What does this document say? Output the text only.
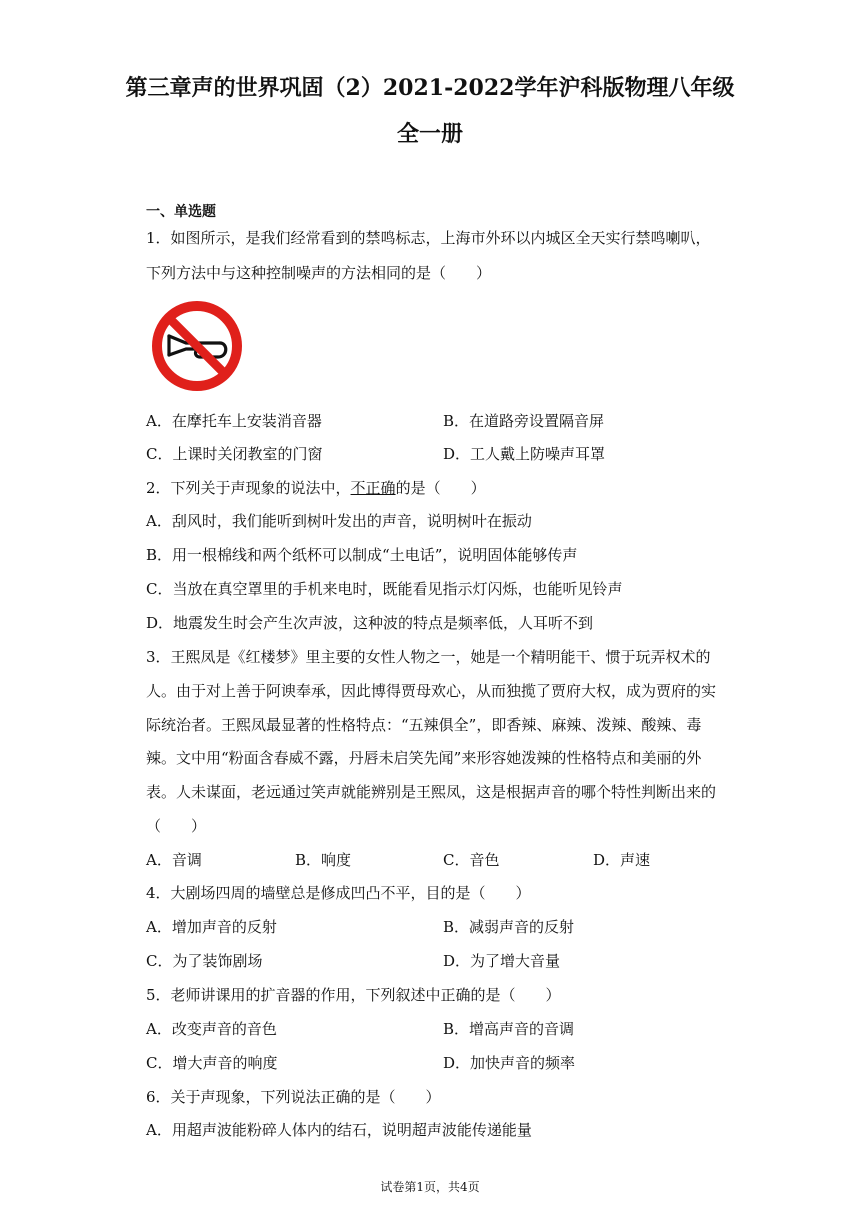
第三章声的世界巩固（2）2021-2022学年沪科版物理八年级
全一册
一、单选题
1．如图所示，是我们经常看到的禁鸣标志，上海市外环以内城区全天实行禁鸣喇叭，
下列方法中与这种控制噪声的方法相同的是（　　）
A．在摩托车上安装消音器	B．在道路旁设置隔音屏
C．上课时关闭教室的门窗	D．工人戴上防噪声耳罩
2．下列关于声现象的说法中，不正确的是（　　）
A．刮风时，我们能听到树叶发出的声音，说明树叶在振动
B．用一根棉线和两个纸杯可以制成“土电话”，说明固体能够传声
C．当放在真空罩里的手机来电时，既能看见指示灯闪烁，也能听见铃声
D．地震发生时会产生次声波，这种波的特点是频率低，人耳听不到
3．王熙凤是《红楼梦》里主要的女性人物之一，她是一个精明能干、惯于玩弄权术的
人。由于对上善于阿谀奉承，因此博得贾母欢心，从而独揽了贾府大权，成为贾府的实
际统治者。王熙凤最显著的性格特点：“五辣俱全”，即香辣、麻辣、泼辣、酸辣、毒
辣。文中用“粉面含春威不露，丹唇未启笑先闻”来形容她泼辣的性格特点和美丽的外
表。人未谋面，老远通过笑声就能辨别是王熙凤，这是根据声音的哪个特性判断出来的
（　　）
A．音调	B．响度	C．音色	D．声速
4．大剧场四周的墙壁总是修成凹凸不平，目的是（　　）
A．增加声音的反射	B．减弱声音的反射
C．为了装饰剧场	D．为了增大音量
5．老师讲课用的扩音器的作用，下列叙述中正确的是（　　）
A．改变声音的音色	B．增高声音的音调
C．增大声音的响度	D．加快声音的频率
6．关于声现象，下列说法正确的是（　　）
A．用超声波能粉碎人体内的结石，说明超声波能传递能量
试卷第1页，共4页
